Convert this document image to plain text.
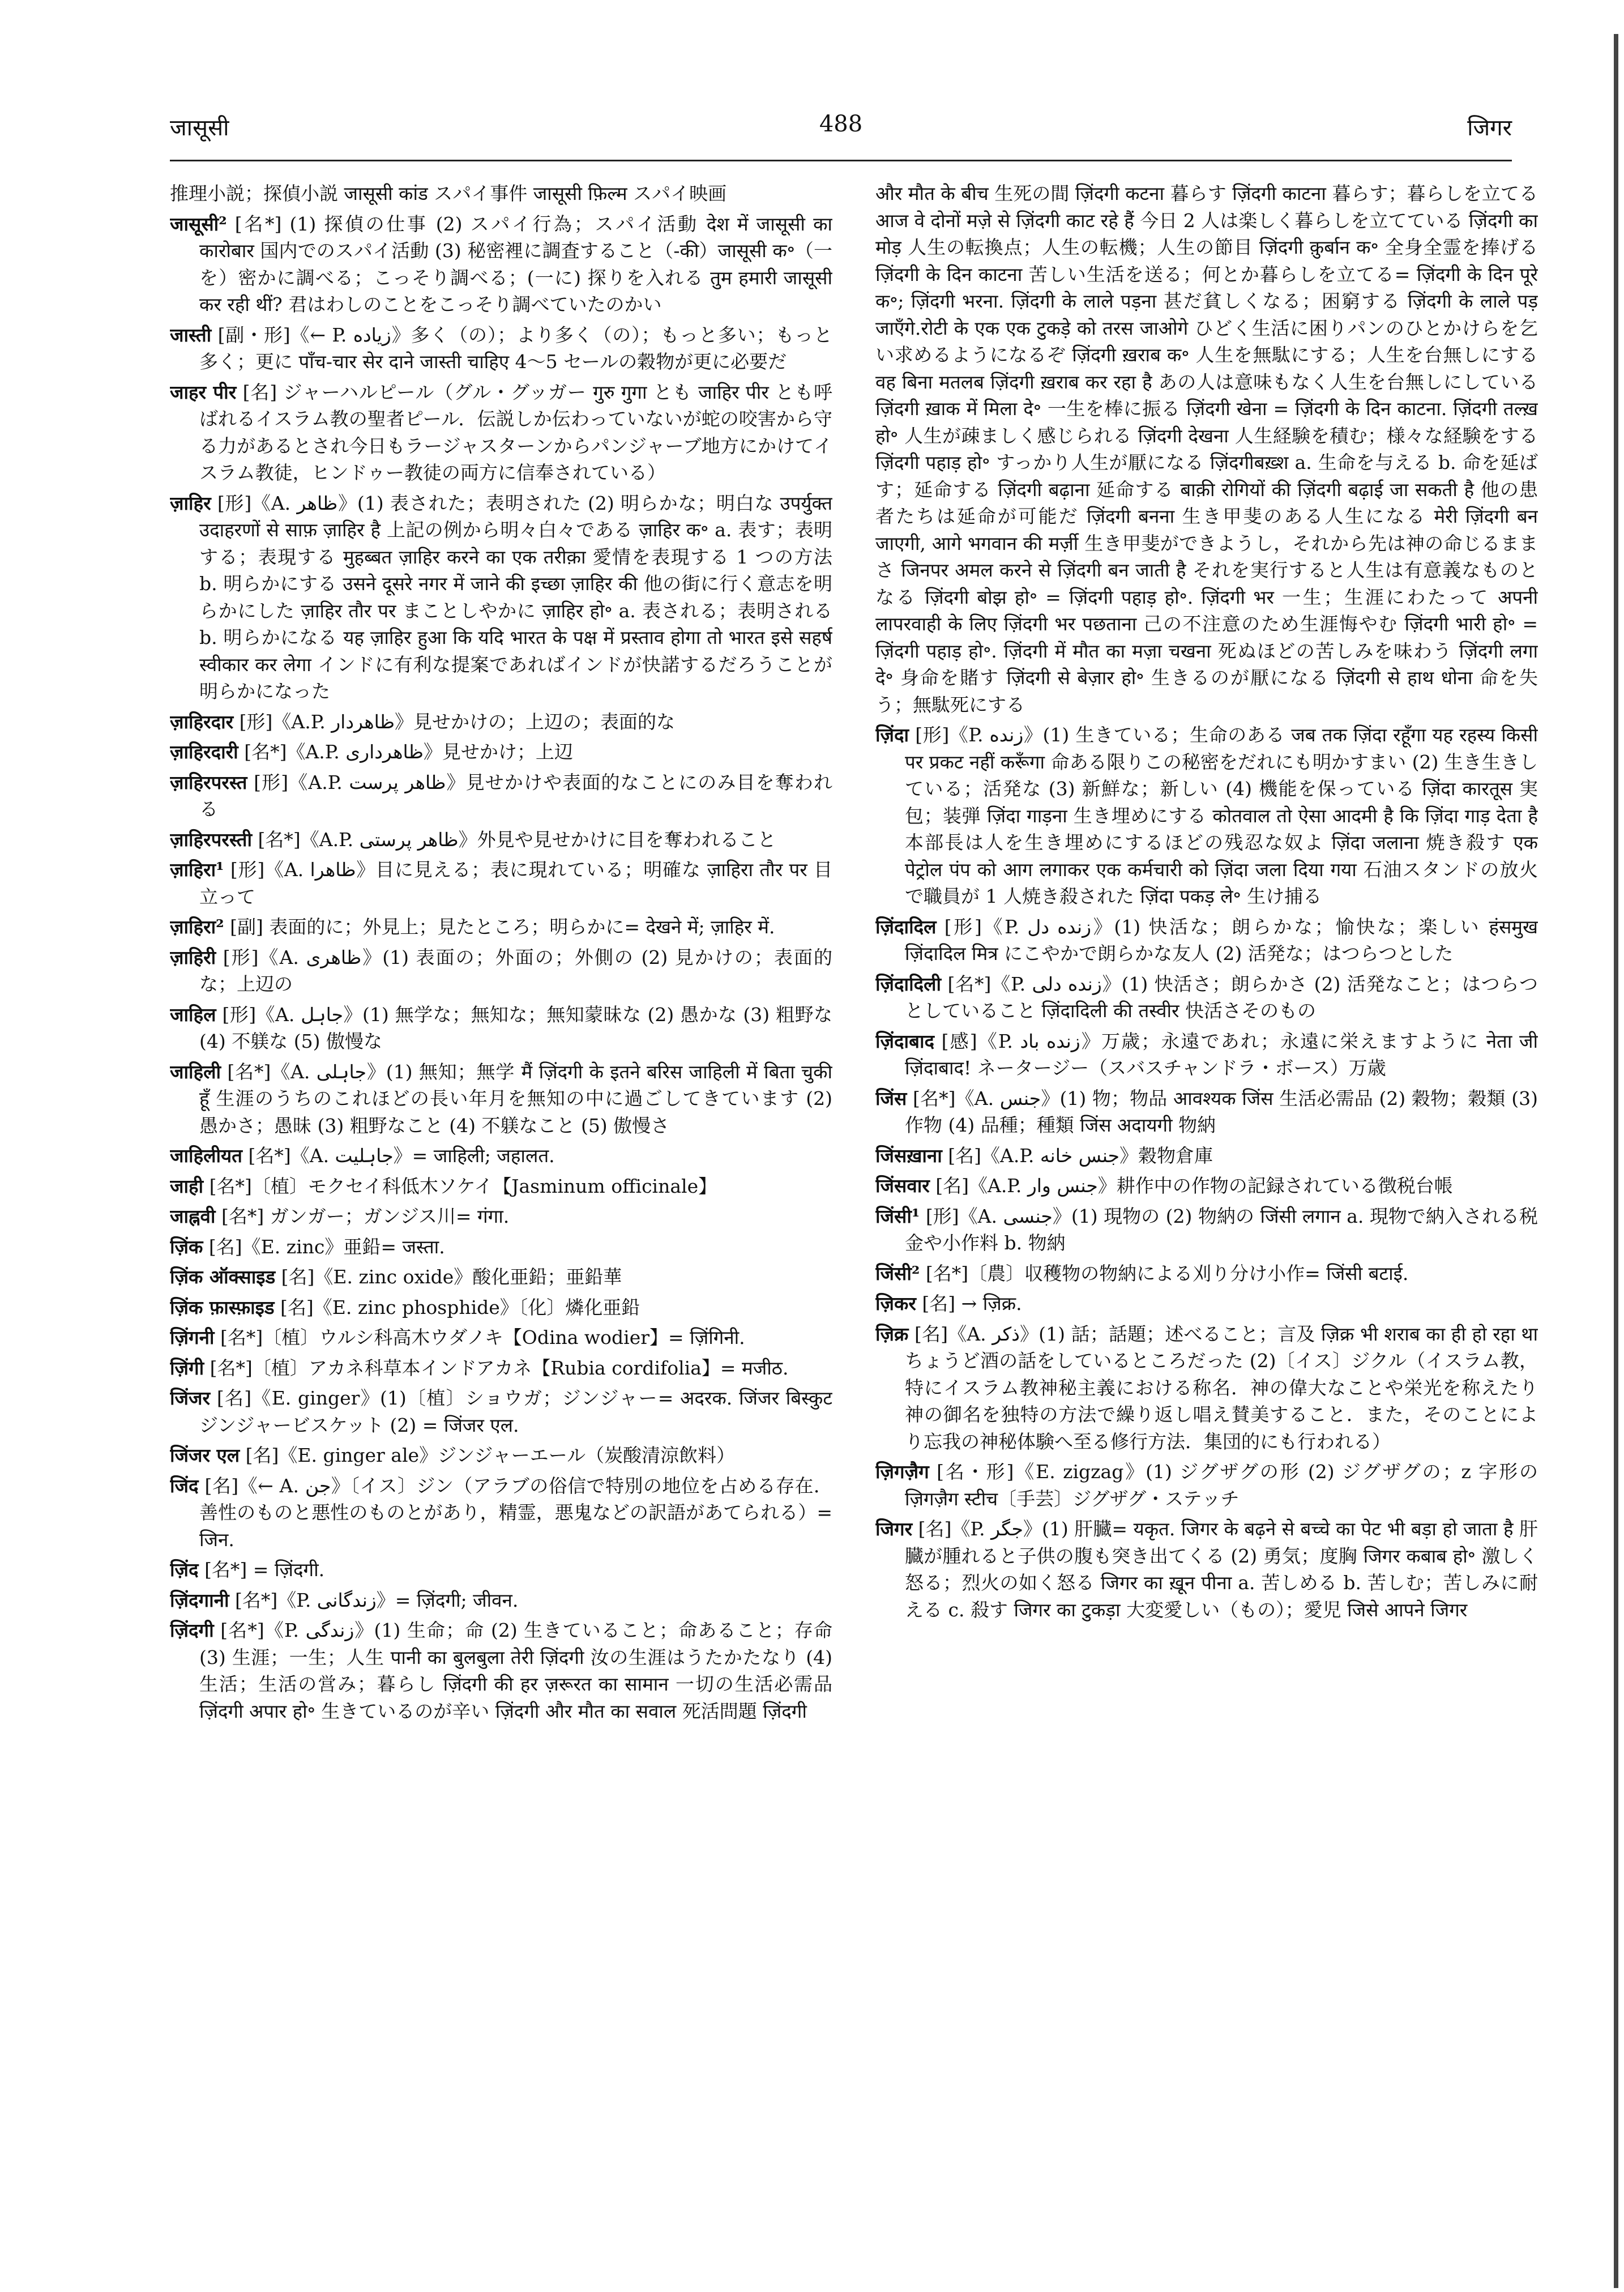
जासूसी	488	जिगर
推理小説；探偵小説 जासूसी कांड スパイ事件 जासूसी फ़िल्म スパイ映画
जासूसी² [名*] (1) 探偵の仕事 (2) スパイ行為；スパイ活動 देश में जासूसी का कारोबार 国内でのスパイ活動 (3) 秘密裡に調査すること（-की）जासूसी क॰（一を）密かに調べる；こっそり調べる；(一に) 探りを入れる तुम हमारी जासूसी कर रही थीं? 君はわしのことをこっそり調べていたのかい
जास्ती [副・形]《← P. زیاده》多く（の）；より多く（の）；もっと多い；もっと多く；更に पाँच-चार सेर दाने जास्ती चाहिए 4〜5 セールの穀物が更に必要だ
जाहर पीर [名] ジャーハルピール（グル・グッガー गुरु गुगा とも जाहिर पीर とも呼ばれるイスラム教の聖者ピール．伝説しか伝わっていないが蛇の咬害から守る力があるとされ今日もラージャスターンからパンジャーブ地方にかけてイスラム教徒，ヒンドゥー教徒の両方に信奉されている）
ज़ाहिर [形]《A. ظاهر》(1) 表された；表明された (2) 明らかな；明白な उपर्युक्त उदाहरणों से साफ़ ज़ाहिर है 上記の例から明々白々である ज़ाहिर क॰ a. 表す；表明する；表現する मुहब्बत ज़ाहिर करने का एक तरीक़ा 愛情を表現する 1 つの方法 b. 明らかにする उसने दूसरे नगर में जाने की इच्छा ज़ाहिर की 他の街に行く意志を明らかにした ज़ाहिर तौर पर まことしやかに ज़ाहिर हो॰ a. 表される；表明される b. 明らかになる यह ज़ाहिर हुआ कि यदि भारत के पक्ष में प्रस्ताव होगा तो भारत इसे सहर्ष स्वीकार कर लेगा インドに有利な提案であればインドが快諾するだろうことが明らかになった
ज़ाहिरदार [形]《A.P. ظاهردار》見せかけの；上辺の；表面的な
ज़ाहिरदारी [名*]《A.P. ظاهرداری》見せかけ；上辺
ज़ाहिरपरस्त [形]《A.P. ظاهر پرست》見せかけや表面的なことにのみ目を奪われる
ज़ाहिरपरस्ती [名*]《A.P. ظاهر پرستی》外見や見せかけに目を奪われること
ज़ाहिरा¹ [形]《A. ظاهرا》目に見える；表に現れている；明確な ज़ाहिरा तौर पर 目立って
ज़ाहिरा² [副] 表面的に；外見上；見たところ；明らかに= देखने में; ज़ाहिर में.
ज़ाहिरी [形]《A. ظاهری》(1) 表面の；外面の；外側の (2) 見かけの；表面的な；上辺の
जाहिल [形]《A. جاہل》(1) 無学な；無知な；無知蒙昧な (2) 愚かな (3) 粗野な (4) 不躾な (5) 傲慢な
जाहिली [名*]《A. جاہلی》(1) 無知；無学 मैं ज़िंदगी के इतने बरिस जाहिली में बिता चुकी हूँ 生涯のうちのこれほどの長い年月を無知の中に過ごしてきています (2) 愚かさ；愚昧 (3) 粗野なこと (4) 不躾なこと (5) 傲慢さ
जाहिलीयत [名*]《A. جاہلیت》= जाहिली; जहालत.
जाही [名*]〔植〕モクセイ科低木ソケイ【Jasminum officinale】
जाह्नवी [名*] ガンガー；ガンジス川= गंगा.
ज़िंक [名]《E. zinc》亜鉛= जस्ता.
ज़िंक ऑक्साइड [名]《E. zinc oxide》酸化亜鉛；亜鉛華
ज़िंक फ़ास्फ़ाइड [名]《E. zinc phosphide》〔化〕燐化亜鉛
ज़िंगनी [名*]〔植〕ウルシ科高木ウダノキ【Odina wodier】= ज़िंगिनी.
ज़िंगी [名*]〔植〕アカネ科草本インドアカネ【Rubia cordifolia】= मजीठ.
जिंजर [名]《E. ginger》(1)〔植〕ショウガ；ジンジャー= अदरक. जिंजर बिस्कुट ジンジャービスケット (2) = जिंजर एल.
जिंजर एल [名]《E. ginger ale》ジンジャーエール（炭酸清涼飲料）
जिंद [名]《← A. جن》〔イス〕ジン（アラブの俗信で特別の地位を占める存在．善性のものと悪性のものとがあり，精霊，悪鬼などの訳語があてられる）= जिन.
ज़िंद [名*] = ज़िंदगी.
ज़िंदगानी [名*]《P. زندگانی》= ज़िंदगी; जीवन.
ज़िंदगी [名*]《P. زندگی》(1) 生命；命 (2) 生きていること；命あること；存命 (3) 生涯；一生；人生 पानी का बुलबुला तेरी ज़िंदगी 汝の生涯はうたかたなり (4) 生活；生活の営み；暮らし ज़िंदगी की हर ज़रूरत का सामान 一切の生活必需品 ज़िंदगी अपार हो॰ 生きているのが辛い ज़िंदगी और मौत का सवाल 死活問題 ज़िंदगी
और मौत के बीच 生死の間 ज़िंदगी कटना 暮らす ज़िंदगी काटना 暮らす；暮らしを立てる आज वे दोनों मज़े से ज़िंदगी काट रहे हैं 今日 2 人は楽しく暮らしを立てている ज़िंदगी का मोड़ 人生の転換点；人生の転機；人生の節目 ज़िंदगी क़ुर्बान क॰ 全身全霊を捧げる ज़िंदगी के दिन काटना 苦しい生活を送る；何とか暮らしを立てる= ज़िंदगी के दिन पूरे क॰; ज़िंदगी भरना. ज़िंदगी के लाले पड़ना 甚だ貧しくなる；困窮する ज़िंदगी के लाले पड़ जाएँगे.रोटी के एक एक टुकड़े को तरस जाओगे ひどく生活に困りパンのひとかけらを乞い求めるようになるぞ ज़िंदगी ख़राब क॰ 人生を無駄にする；人生を台無しにする वह बिना मतलब ज़िंदगी ख़राब कर रहा है あの人は意味もなく人生を台無しにしている ज़िंदगी ख़ाक में मिला दे॰ 一生を棒に振る ज़िंदगी खेना = ज़िंदगी के दिन काटना. ज़िंदगी तल्ख़ हो॰ 人生が疎ましく感じられる ज़िंदगी देखना 人生経験を積む；様々な経験をする ज़िंदगी पहाड़ हो॰ すっかり人生が厭になる ज़िंदगीबख़्श a. 生命を与える b. 命を延ばす；延命する ज़िंदगी बढ़ाना 延命する बाक़ी रोगियों की ज़िंदगी बढ़ाई जा सकती है 他の患者たちは延命が可能だ ज़िंदगी बनना 生き甲斐のある人生になる मेरी ज़िंदगी बन जाएगी, आगे भगवान की मर्ज़ी 生き甲斐ができようし，それから先は神の命じるままさ जिनपर अमल करने से ज़िंदगी बन जाती है それを実行すると人生は有意義なものとなる ज़िंदगी बोझ हो॰ = ज़िंदगी पहाड़ हो॰. ज़िंदगी भर 一生；生涯にわたって अपनी लापरवाही के लिए ज़िंदगी भर पछताना 己の不注意のため生涯悔やむ ज़िंदगी भारी हो॰ = ज़िंदगी पहाड़ हो॰. ज़िंदगी में मौत का मज़ा चखना 死ぬほどの苦しみを味わう ज़िंदगी लगा दे॰ 身命を賭す ज़िंदगी से बेज़ार हो॰ 生きるのが厭になる ज़िंदगी से हाथ धोना 命を失う；無駄死にする
ज़िंदा [形]《P. زنده》(1) 生きている；生命のある जब तक ज़िंदा रहूँगा यह रहस्य किसी पर प्रकट नहीं करूँगा 命ある限りこの秘密をだれにも明かすまい (2) 生き生きしている；活発な (3) 新鮮な；新しい (4) 機能を保っている ज़िंदा कारतूस 実包；装弾 ज़िंदा गाड़ना 生き埋めにする कोतवाल तो ऐसा आदमी है कि ज़िंदा गाड़ देता है 本部長は人を生き埋めにするほどの残忍な奴よ ज़िंदा जलाना 焼き殺す एक पेट्रोल पंप को आग लगाकर एक कर्मचारी को ज़िंदा जला दिया गया 石油スタンドの放火で職員が 1 人焼き殺された ज़िंदा पकड़ ले॰ 生け捕る
ज़िंदादिल [形]《P. زنده دل》(1) 快活な；朗らかな；愉快な；楽しい हंसमुख ज़िंदादिल मित्र にこやかで朗らかな友人 (2) 活発な；はつらつとした
ज़िंदादिली [名*]《P. زنده دلی》(1) 快活さ；朗らかさ (2) 活発なこと；はつらつとしていること ज़िंदादिली की तस्वीर 快活さそのもの
ज़िंदाबाद [感]《P. زنده باد》万歳；永遠であれ；永遠に栄えますように नेता जी ज़िंदाबाद! ネータージー（スバスチャンドラ・ボース）万歳
जिंस [名*]《A. جنس》(1) 物；物品 आवश्यक जिंस 生活必需品 (2) 穀物；穀類 (3) 作物 (4) 品種；種類 जिंस अदायगी 物納
जिंसख़ाना [名]《A.P. جنس خانه》穀物倉庫
जिंसवार [名]《A.P. جنس وار》耕作中の作物の記録されている徴税台帳
जिंसी¹ [形]《A. جنسی》(1) 現物の (2) 物納の जिंसी लगान a. 現物で納入される税金や小作料 b. 物納
जिंसी² [名*]〔農〕収穫物の物納による刈り分け小作= जिंसी बटाई.
ज़िकर [名] → ज़िक्र.
ज़िक्र [名]《A. ذکر》(1) 話；話題；述べること；言及 ज़िक्र भी शराब का ही हो रहा था ちょうど酒の話をしているところだった (2)〔イス〕ジクル（イスラム教，特にイスラム教神秘主義における称名．神の偉大なことや栄光を称えたり神の御名を独特の方法で繰り返し唱え賛美すること．また，そのことにより忘我の神秘体験へ至る修行方法．集団的にも行われる）
ज़िगज़ैग [名・形]《E. zigzag》(1) ジグザグの形 (2) ジグザグの；z 字形の ज़िगज़ैग स्टीच〔手芸〕ジグザグ・ステッチ
जिगर [名]《P. جگر》(1) 肝臓= यकृत. जिगर के बढ़ने से बच्चे का पेट भी बड़ा हो जाता है 肝臓が腫れると子供の腹も突き出てくる (2) 勇気；度胸 जिगर कबाब हो॰ 激しく怒る；烈火の如く怒る जिगर का ख़ून पीना a. 苦しめる b. 苦しむ；苦しみに耐える c. 殺す जिगर का टुकड़ा 大変愛しい（もの）；愛児 जिसे आपने जिगर
